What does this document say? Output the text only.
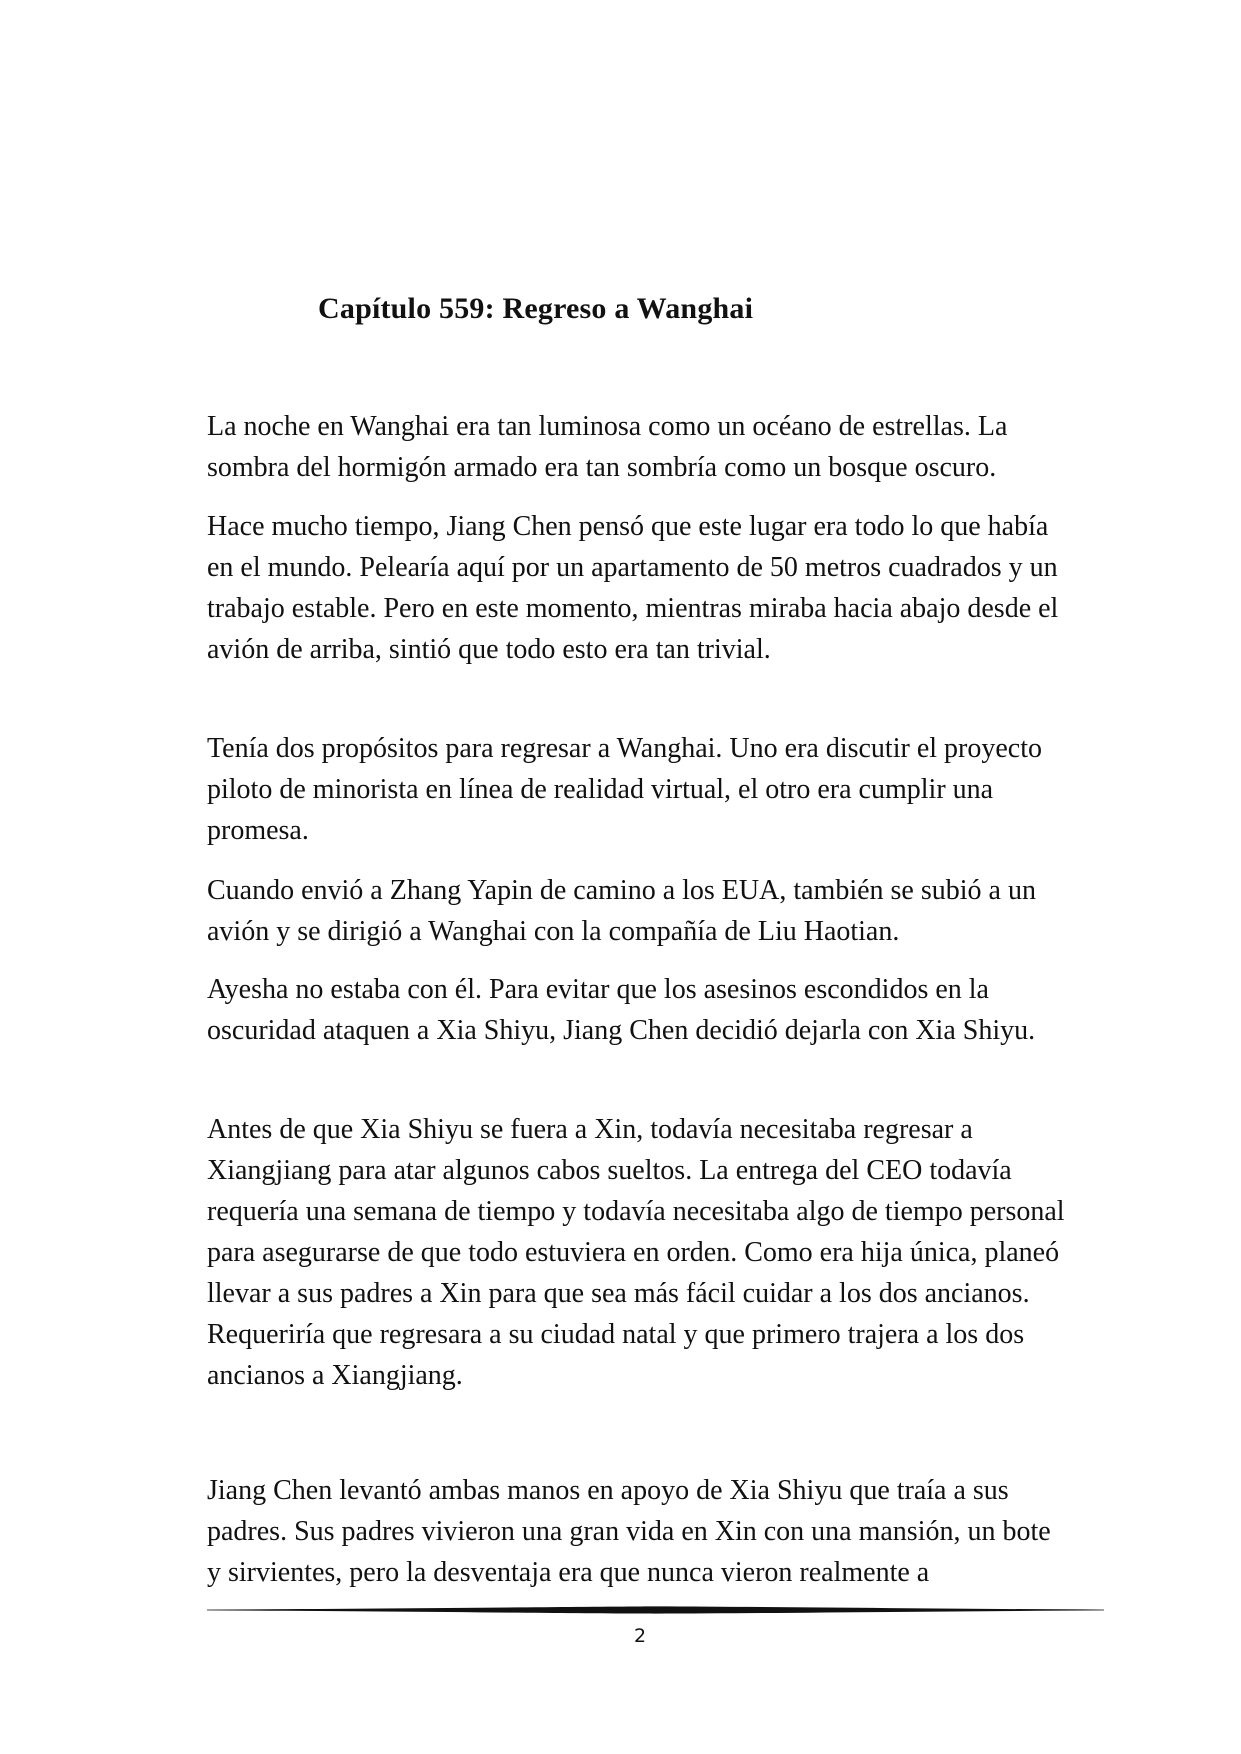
Capítulo 559: Regreso a Wanghai

La noche en Wanghai era tan luminosa como un océano de estrellas. La sombra del hormigón armado era tan sombría como un bosque oscuro.

Hace mucho tiempo, Jiang Chen pensó que este lugar era todo lo que había en el mundo. Pelearía aquí por un apartamento de 50 metros cuadrados y un trabajo estable. Pero en este momento, mientras miraba hacia abajo desde el avión de arriba, sintió que todo esto era tan trivial.

Tenía dos propósitos para regresar a Wanghai. Uno era discutir el proyecto piloto de minorista en línea de realidad virtual, el otro era cumplir una promesa.

Cuando envió a Zhang Yapin de camino a los EUA, también se subió a un avión y se dirigió a Wanghai con la compañía de Liu Haotian.

Ayesha no estaba con él. Para evitar que los asesinos escondidos en la oscuridad ataquen a Xia Shiyu, Jiang Chen decidió dejarla con Xia Shiyu.

Antes de que Xia Shiyu se fuera a Xin, todavía necesitaba regresar a Xiangjiang para atar algunos cabos sueltos. La entrega del CEO todavía requería una semana de tiempo y todavía necesitaba algo de tiempo personal para asegurarse de que todo estuviera en orden. Como era hija única, planeó llevar a sus padres a Xin para que sea más fácil cuidar a los dos ancianos. Requeriría que regresara a su ciudad natal y que primero trajera a los dos ancianos a Xiangjiang.

Jiang Chen levantó ambas manos en apoyo de Xia Shiyu que traía a sus padres. Sus padres vivieron una gran vida en Xin con una mansión, un bote y sirvientes, pero la desventaja era que nunca vieron realmente a

2
